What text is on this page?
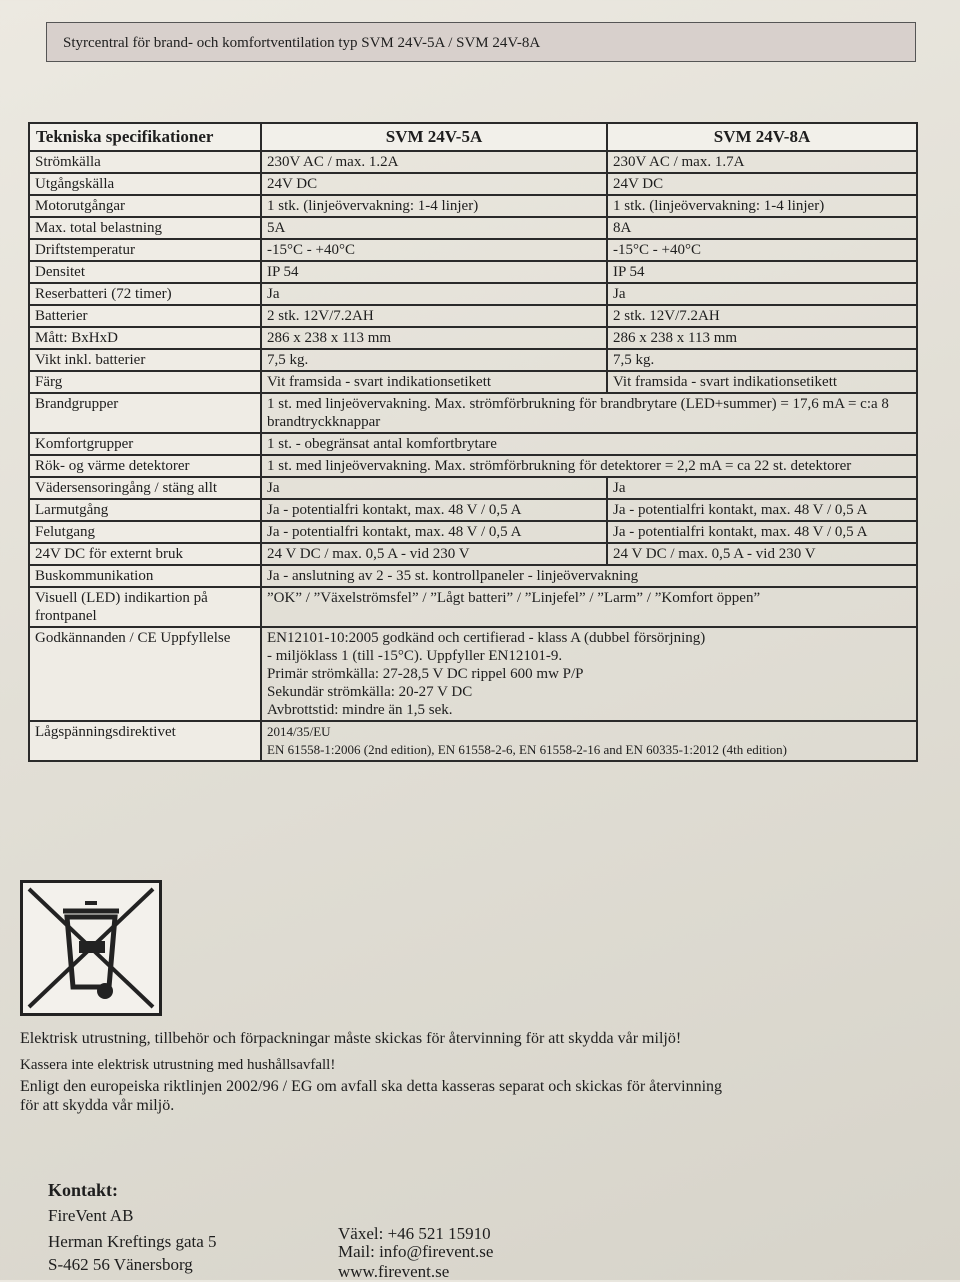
Styrcentral för brand- och komfortventilation typ SVM 24V-5A / SVM 24V-8A
Tekniska specifikationer	SVM 24V-5A	SVM 24V-8A
Strömkälla	230V AC / max. 1.2A	230V AC / max. 1.7A
Utgångskälla	24V DC	24V DC
Motorutgångar	1 stk. (linjeövervakning: 1-4 linjer)	1 stk. (linjeövervakning: 1-4 linjer)
Max. total belastning	5A	8A
Driftstemperatur	-15°C - +40°C	-15°C - +40°C
Densitet	IP 54	IP 54
Reserbatteri (72 timer)	Ja	Ja
Batterier	2 stk. 12V/7.2AH	2 stk. 12V/7.2AH
Mått: BxHxD	286 x 238 x 113 mm	286 x 238 x 113 mm
Vikt inkl. batterier	7,5 kg.	7,5 kg.
Färg	Vit framsida - svart indikationsetikett	Vit framsida - svart indikationsetikett
Brandgrupper	1 st. med linjeövervakning. Max. strömförbrukning för brandbrytare (LED+summer) = 17,6 mA = c:a 8 brandtryckknappar	
Komfortgrupper	1 st. - obegränsat antal komfortbrytare	
Rök- og värme detektorer	1 st. med linjeövervakning. Max. strömförbrukning för detektorer = 2,2 mA = ca 22 st. detektorer	
Vädersensoringång / stäng allt	Ja	Ja
Larmutgång	Ja - potentialfri kontakt, max. 48 V / 0,5 A	Ja - potentialfri kontakt, max. 48 V / 0,5 A
Felutgang	Ja - potentialfri kontakt, max. 48 V / 0,5 A	Ja - potentialfri kontakt, max. 48 V / 0,5 A
24V DC för externt bruk	24 V DC / max. 0,5 A - vid 230 V	24 V DC / max. 0,5 A - vid 230 V
Buskommunikation	Ja - anslutning av 2 - 35 st. kontrollpaneler - linjeövervakning	
Visuell (LED) indikartion på frontpanel	”OK” / ”Växelströmsfel” / ”Lågt batteri” / ”Linjefel” / ”Larm” / ”Komfort öppen”	
Godkännanden / CE Uppfyllelse	EN12101-10:2005 godkänd och certifierad - klass A (dubbel försörjning)
- miljöklass 1 (till -15°C). Uppfyller EN12101-9.
Primär strömkälla: 27-28,5 V DC rippel 600 mw P/P
Sekundär strömkälla: 20-27 V DC
Avbrottstid: mindre än 1,5 sek.	

Lågspänningsdirektivet	2014/35/EU
EN 61558-1:2006 (2nd edition), EN 61558-2-6, EN 61558-2-16 and EN 60335-1:2012 (4th edition)	
Elektrisk utrustning, tillbehör och förpackningar måste skickas för återvinning för att skydda vår miljö!
Kassera inte elektrisk utrustning med hushållsavfall!
Enligt den europeiska riktlinjen 2002/96 / EG om avfall ska detta kasseras separat och skickas för återvinning
för att skydda vår miljö.
Kontakt:
FireVent AB
Herman Kreftings gata 5
S-462 56 Vänersborg
Växel: +46 521 15910
Mail: info@firevent.se
www.firevent.se
